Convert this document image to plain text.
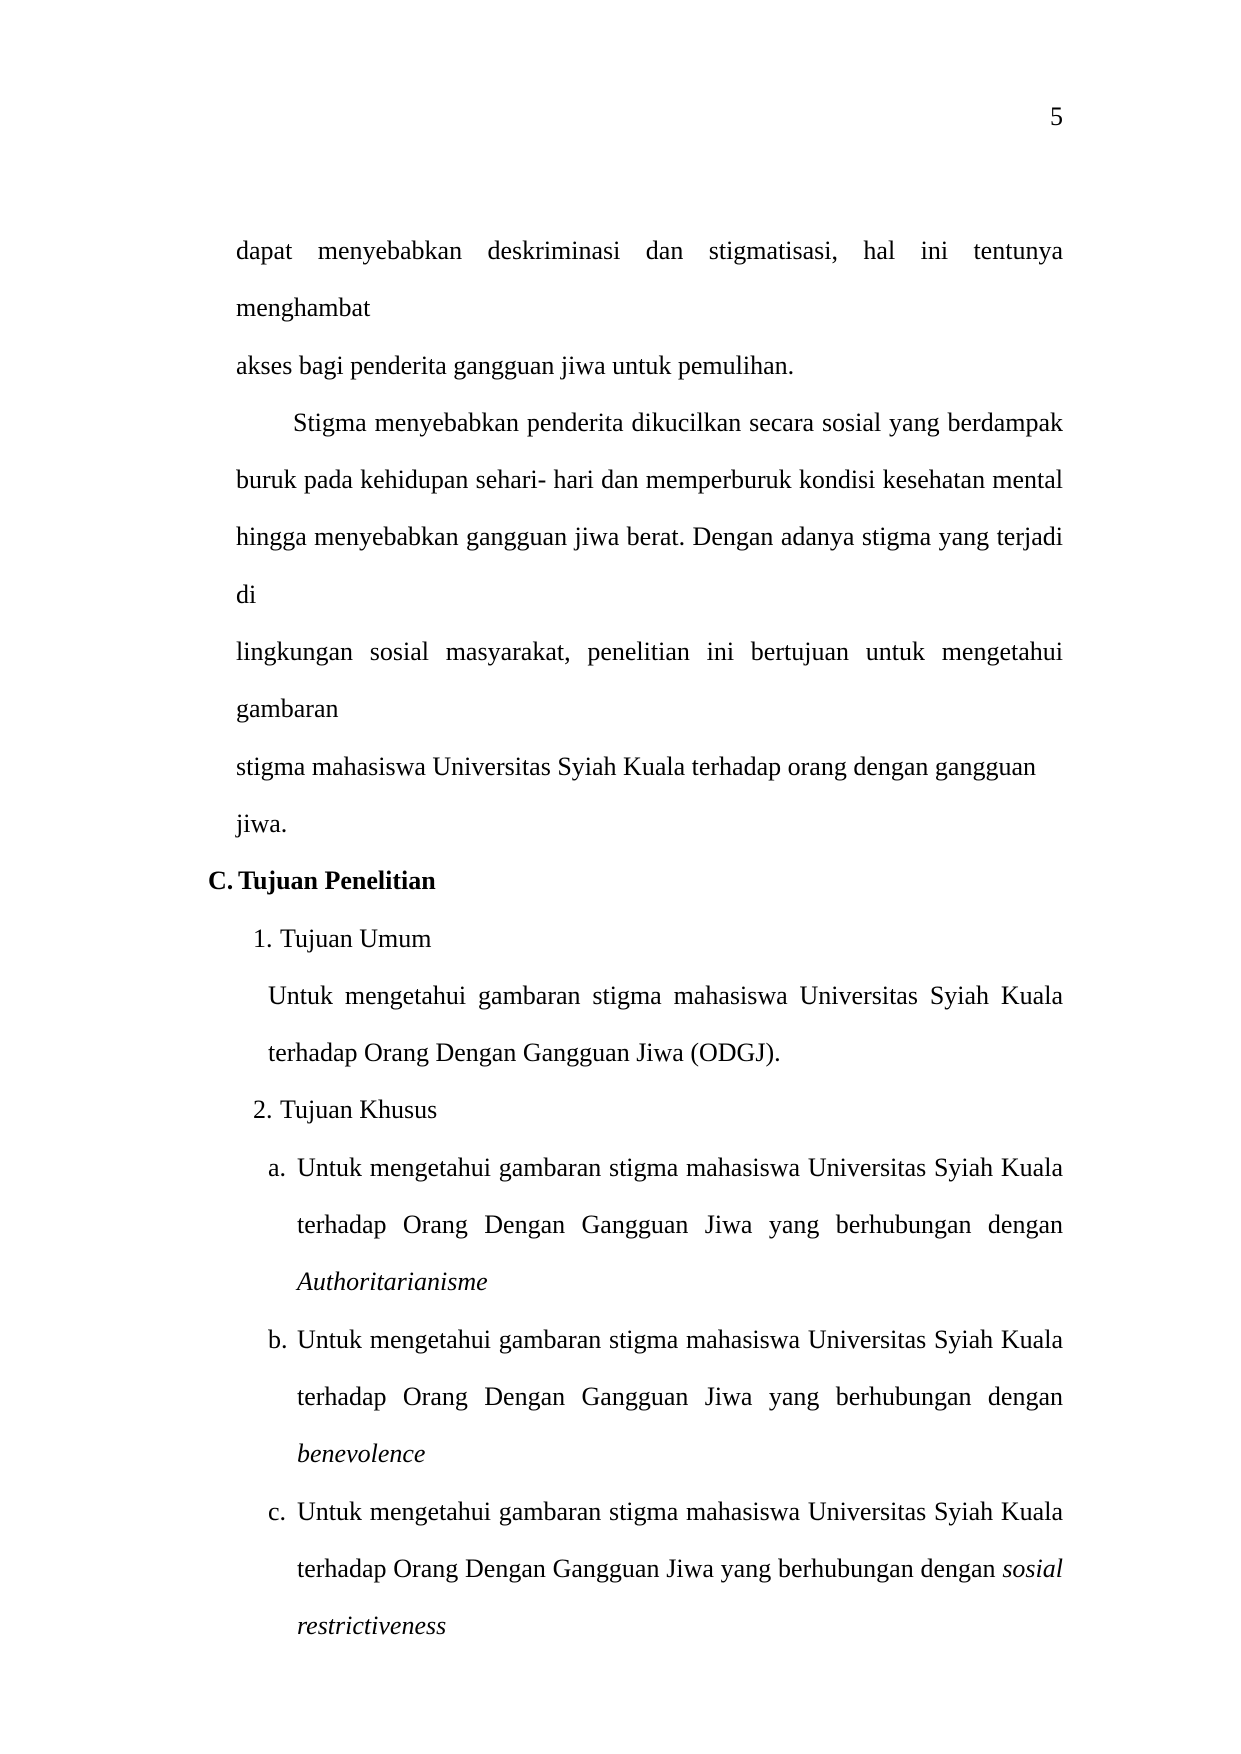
5
dapat menyebabkan deskriminasi dan stigmatisasi, hal ini tentunya menghambat
akses bagi penderita gangguan jiwa untuk pemulihan.
Stigma menyebabkan penderita dikucilkan secara sosial yang berdampak
buruk pada kehidupan sehari- hari dan memperburuk kondisi kesehatan mental
hingga menyebabkan gangguan jiwa berat. Dengan adanya stigma yang terjadi di
lingkungan sosial masyarakat, penelitian ini bertujuan untuk mengetahui gambaran
stigma mahasiswa Universitas Syiah Kuala terhadap orang dengan gangguan jiwa.
C. Tujuan Penelitian
1. Tujuan Umum
Untuk mengetahui gambaran stigma mahasiswa Universitas Syiah Kuala
terhadap Orang Dengan Gangguan Jiwa (ODGJ).
2. Tujuan Khusus
a. Untuk mengetahui gambaran stigma mahasiswa Universitas Syiah Kuala
terhadap Orang Dengan Gangguan Jiwa yang berhubungan dengan
Authoritarianisme
b. Untuk mengetahui gambaran stigma mahasiswa Universitas Syiah Kuala
terhadap Orang Dengan Gangguan Jiwa yang berhubungan dengan
benevolence
c. Untuk mengetahui gambaran stigma mahasiswa Universitas Syiah Kuala
terhadap Orang Dengan Gangguan Jiwa yang berhubungan dengan sosial
restrictiveness
